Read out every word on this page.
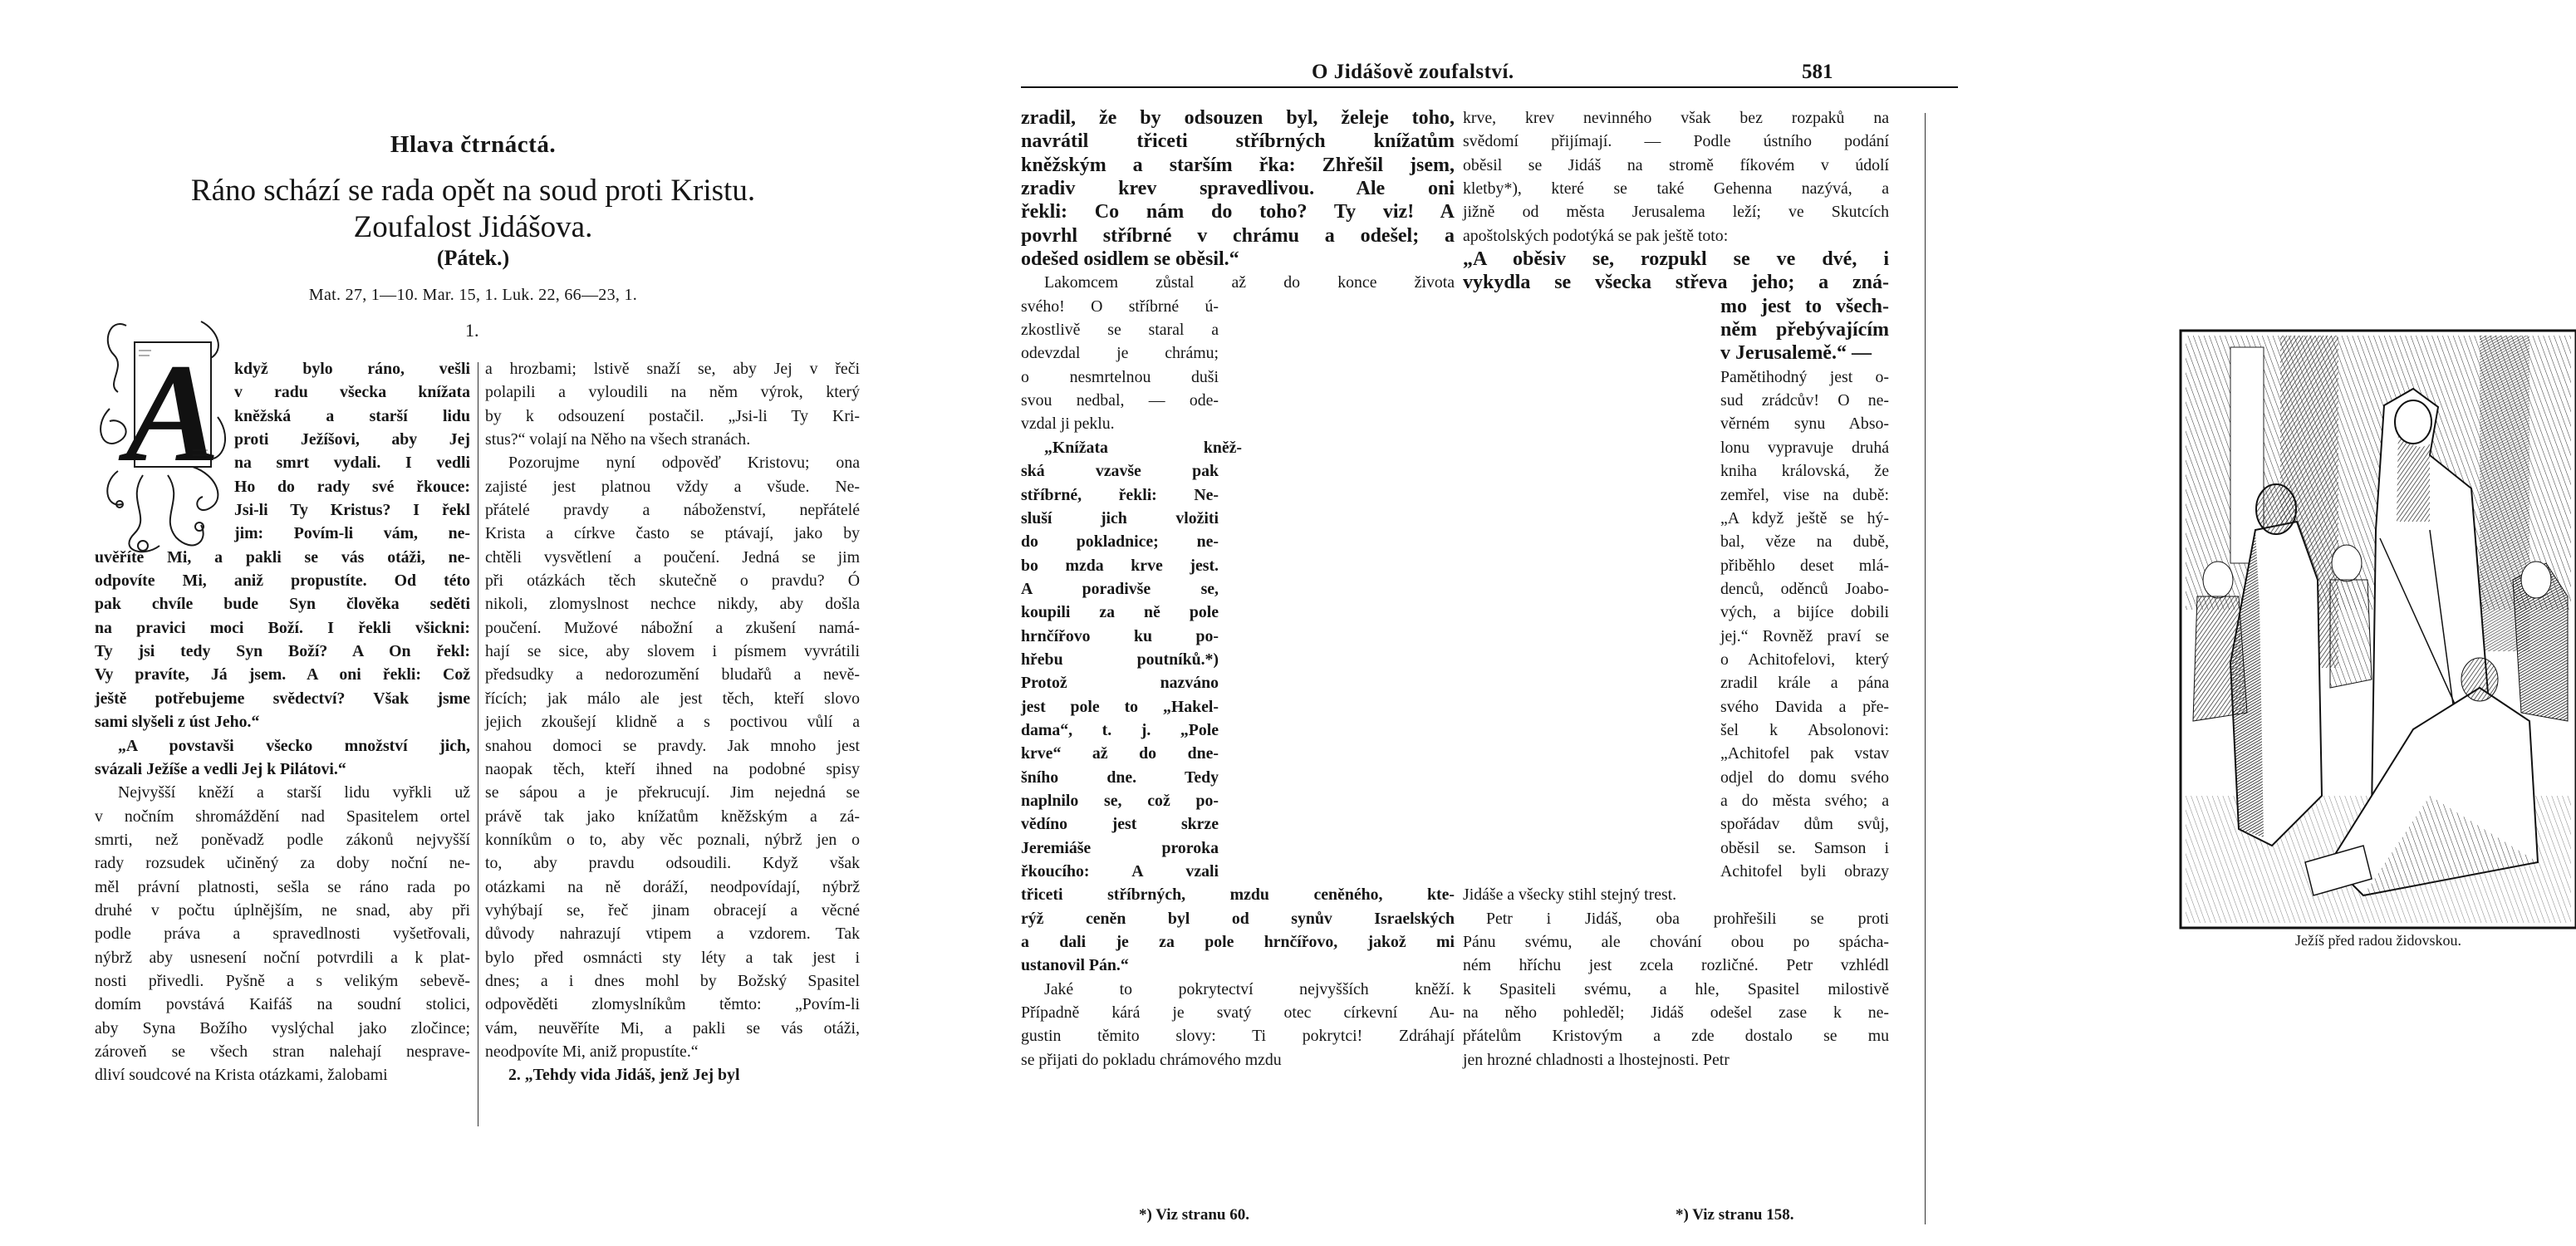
Hlava čtrnáctá.
Ráno schází se rada opět na soud proti Kristu.
Zoufalost Jidášova.
(Pátek.)
Mat. 27, 1—10. Mar. 15, 1. Luk. 22, 66—23, 1.
1.
A když bylo ráno, vešli
v radu všecka knížata
kněžská a starší lidu
proti Ježíšovi, aby Jej
na smrt vydali. I vedli
Ho do rady své řkouce:
Jsi-li Ty Kristus? I řekl
jim: Povím-li vám, ne-
uvěříte Mi, a pakli se vás otáži, ne-
odpovíte Mi, aniž propustíte. Od této
pak chvíle bude Syn člověka seděti
na pravici moci Boží. I řekli všickni:
Ty jsi tedy Syn Boží? A On řekl:
Vy pravíte, Já jsem. A oni řekli: Což
ještě potřebujeme svědectví? Však jsme
sami slyšeli z úst Jeho.“
„A povstavši všecko množství jich,
svázali Ježíše a vedli Jej k Pilátovi.“
Nejvyšší kněží a starší lidu vyřkli už
v nočním shromáždění nad Spasitelem ortel
smrti, než poněvadž podle zákonů nejvyšší
rady rozsudek učiněný za doby noční ne-
měl právní platnosti, sešla se ráno rada po
druhé v počtu úplnějším, ne snad, aby při
podle práva a spravedlnosti vyšetřovali,
nýbrž aby usnesení noční potvrdili a k plat-
nosti přivedli. Pyšně a s velikým sebevě-
domím povstává Kaifáš na soudní stolici,
aby Syna Božího vyslýchal jako zločince;
zároveň se všech stran nalehají nesprave-
dliví soudcové na Krista otázkami, žalobami
a hrozbami; lstivě snaží se, aby Jej v řeči
polapili a vyloudili na něm výrok, který
by k odsouzení postačil. „Jsi-li Ty Kri-
stus?“ volají na Něho na všech stranách.
Pozorujme nyní odpověď Kristovu; ona
zajisté jest platnou vždy a všude. Ne-
přátelé pravdy a náboženství, nepřátelé
Krista a církve často se ptávají, jako by
chtěli vysvětlení a poučení. Jedná se jim
při otázkách těch skutečně o pravdu? Ó
nikoli, zlomyslnost nechce nikdy, aby došla
poučení. Mužové nábožní a zkušení namá-
hají se sice, aby slovem i písmem vyvrátili
předsudky a nedorozumění bludařů a nevě-
řících; jak málo ale jest těch, kteří slovo
jejich zkoušejí klidně a s poctivou vůlí a
snahou domoci se pravdy. Jak mnoho jest
naopak těch, kteří ihned na podobné spisy
se sápou a je překrucují. Jim nejedná se
právě tak jako knížatům kněžským a zá-
konníkům o to, aby věc poznali, nýbrž jen o
to, aby pravdu odsoudili. Když však
otázkami na ně doráží, neodpovídají, nýbrž
vyhýbají se, řeč jinam obracejí a věcné
důvody nahrazují vtipem a vzdorem. Tak
bylo před osmnácti sty léty a tak jest i
dnes; a i dnes mohl by Božský Spasitel
odpověděti zlomyslníkům těmto: „Povím-li
vám, neuvěříte Mi, a pakli se vás otáži,
neodpovíte Mi, aniž propustíte.“
2. „Tehdy vida Jidáš, jenž Jej byl
O Jidášově zoufalství.	581
zradil, že by odsouzen byl, želeje toho,
navrátil třiceti stříbrných knížatům
kněžským a starším řka: Zhřešil jsem,
zradiv krev spravedlivou. Ale oni
řekli: Co nám do toho? Ty viz! A
povrhl stříbrné v chrámu a odešel; a
odešed osidlem se oběsil.“
Lakomcem zůstal až do konce života
svého! O stříbrné ú-
zkostlivě se staral a
odevzdal je chrámu;
o nesmrtelnou duši
svou nedbal, — ode-
vzdal ji peklu.
„Knížata kněž-
ská vzavše pak
stříbrné, řekli: Ne-
sluší jich vložiti
do pokladnice; ne-
bo mzda krve jest.
A poradivše se,
koupili za ně pole
hrnčířovo ku po-
hřebu poutníků.*)
Protož nazváno
jest pole to „Hakel-
dama“, t. j. „Pole
krve“ až do dne-
šního dne. Tedy
naplnilo se, což po-
vědíno jest skrze
Jeremiáše proroka
řkoucího: A vzali
třiceti stříbrných, mzdu ceněného, kte-
rýž ceněn byl od synův Israelských
a dali je za pole hrnčířovo, jakož mi
ustanovil Pán.“
Jaké to pokrytectví nejvyšších kněží.
Případně kárá je svatý otec církevní Au-
gustin těmito slovy: Ti pokrytci! Zdráhají
se přijati do pokladu chrámového mzdu
krve, krev nevinného však bez rozpaků na
svědomí přijímají. — Podle ústního podání
oběsil se Jidáš na stromě fíkovém v údolí
kletby*), které se také Gehenna nazývá, a
jižně od města Jerusalema leží; ve Skutcích
apoštolských podotýká se pak ještě toto:
„A oběsiv se, rozpukl se ve dvé, i
vykydla se všecka střeva jeho; a zná-
mo jest to všech-
něm přebývajícím
v Jerusalemě.“ —
Pamětihodný jest o-
sud zrádcův! O ne-
věrném synu Abso-
lonu vypravuje druhá
kniha královská, že
zemřel, vise na dubě:
„A když ještě se hý-
bal, věze na dubě,
přiběhlo deset mlá-
denců, oděnců Joabo-
vých, a bijíce dobili
jej.“ Rovněž praví se
o Achitofelovi, který
zradil krále a pána
svého Davida a pře-
šel k Absolonovi:
„Achitofel pak vstav
odjel do domu svého
a do města svého; a
spořádav dům svůj,
oběsil se. Samson i
Achitofel byli obrazy
Jidáše a všecky stihl stejný trest.
Petr i Jidáš, oba prohřešili se proti
Pánu svému, ale chování obou po spácha-
ném hříchu jest zcela rozličné. Petr vzhlédl
k Spasiteli svému, a hle, Spasitel milostivě
na něho pohleděl; Jidáš odešel zase k ne-
přátelům Kristovým a zde dostalo se mu
jen hrozné chladnosti a lhostejnosti. Petr
Ježíš před radou židovskou.
*) Viz stranu 60.	*) Viz stranu 158.
